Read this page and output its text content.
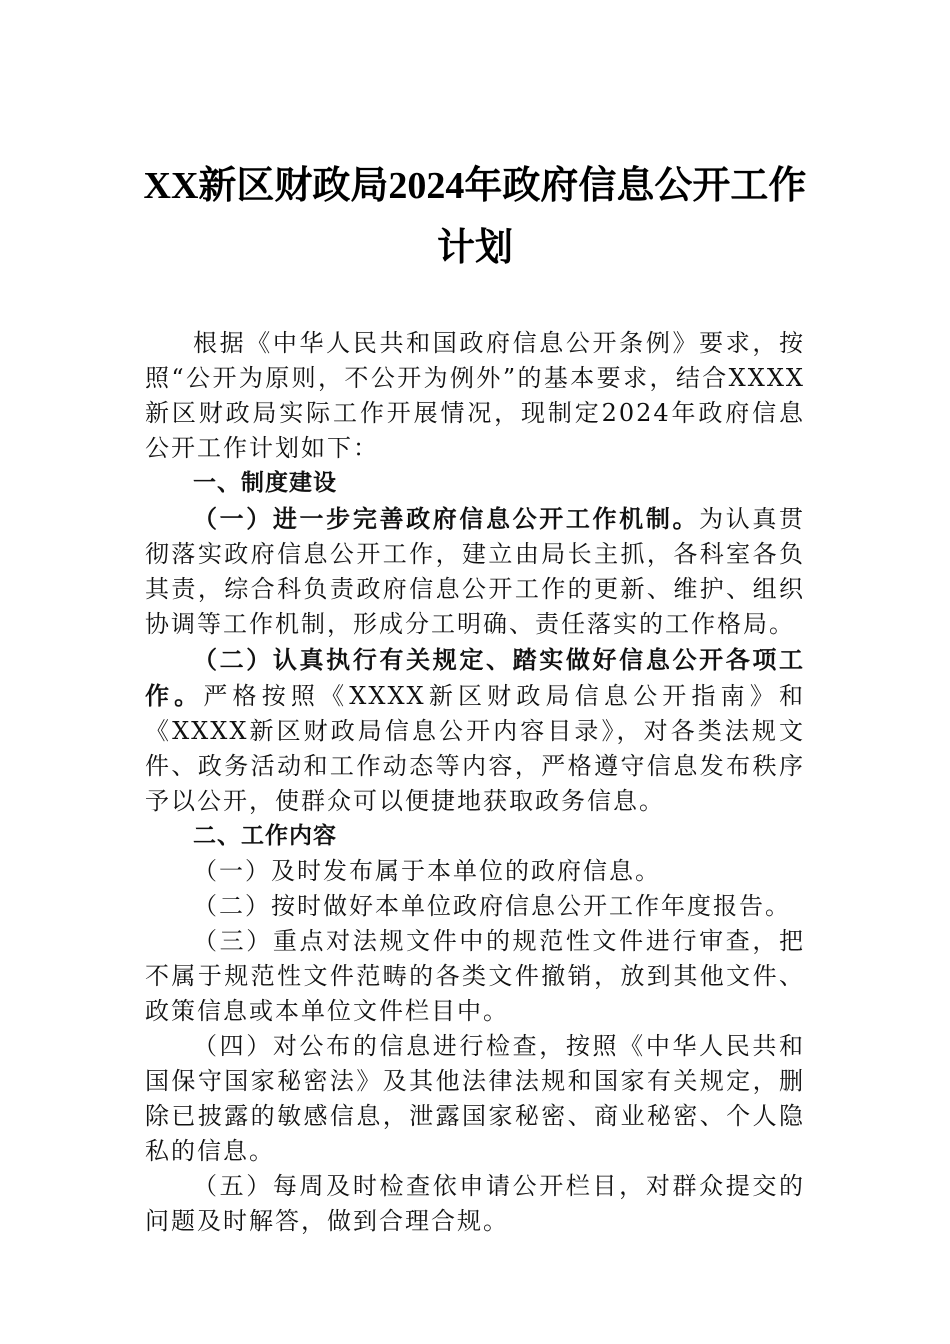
XX新区财政局2024年政府信息公开工作
计划

根据《中华人民共和国政府信息公开条例》要求，按照“公开为原则，不公开为例外”的基本要求，结合XXXX新区财政局实际工作开展情况，现制定2024年政府信息公开工作计划如下：

一、制度建设

（一）进一步完善政府信息公开工作机制。为认真贯彻落实政府信息公开工作，建立由局长主抓，各科室各负其责，综合科负责政府信息公开工作的更新、维护、组织协调等工作机制，形成分工明确、责任落实的工作格局。

（二）认真执行有关规定、踏实做好信息公开各项工作。严格按照《XXXX新区财政局信息公开指南》和《XXXX新区财政局信息公开内容目录》，对各类法规文件、政务活动和工作动态等内容，严格遵守信息发布秩序予以公开，使群众可以便捷地获取政务信息。

二、工作内容

（一）及时发布属于本单位的政府信息。

（二）按时做好本单位政府信息公开工作年度报告。

（三）重点对法规文件中的规范性文件进行审查，把不属于规范性文件范畴的各类文件撤销，放到其他文件、政策信息或本单位文件栏目中。

（四）对公布的信息进行检查，按照《中华人民共和国保守国家秘密法》及其他法律法规和国家有关规定，删除已披露的敏感信息，泄露国家秘密、商业秘密、个人隐私的信息。

（五）每周及时检查依申请公开栏目，对群众提交的问题及时解答，做到合理合规。
